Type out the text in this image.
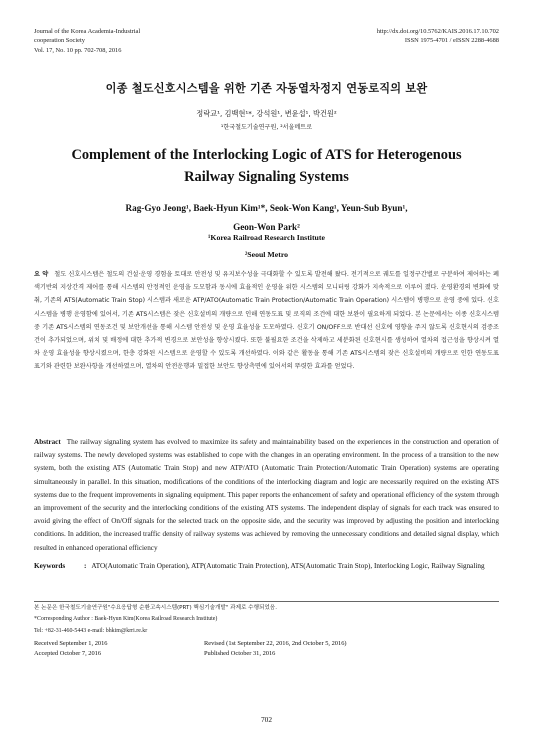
Journal of the Korea Academia-Industrial
cooperation Society
Vol. 17, No. 10 pp. 702-708, 2016
http://dx.doi.org/10.5762/KAIS.2016.17.10.702
ISSN 1975-4701 / eISSN 2288-4688
이종 철도신호시스템을 위한 기존 자동열차정지 연동로직의 보완
정락교¹, 김백현¹*, 강석원¹, 변윤섭¹, 박건원²
¹한국철도기술연구원, ²서울메트로
Complement of the Interlocking Logic of ATS for Heterogenous
Railway Signaling Systems
Rag-Gyo Jeong¹, Baek-Hyun Kim¹*, Seok-Won Kang¹, Yeun-Sub Byun¹,
Geon-Won Park²
¹Korea Railroad Research Institute
²Seoul Metro
요 약 철도 신호시스템은 철도의 건설·운영 경험을 토대로 안전성 및 유지보수성을 극대화할 수 있도록 발전해 왔다. 전기적으로 궤도를 일정구간별로 구분하여 제어하는 폐색기반의 지상간격 제어를 통해 시스템의 안정적인 운영을 도모함과 동시에 효율적인 운영을 위한 시스템의 모니터링 강화가 지속적으로 이루어 졌다. 운영환경의 변화에 맞춰, 기존의 ATS(Automatic Train Stop) 시스템과 새로운 ATP/ATO(Automatic Train Protection/Automatic Train Operation) 시스템이 병행으로 운영 중에 있다. 신호시스템을 병행 운영함에 있어서, 기존 ATS시스템은 잦은 신호설비의 개량으로 인해 연동도표 및 로직의 조건에 대한 보완이 필요하게 되었다. 본 논문에서는 이종 신호시스템 중 기존 ATS시스템의 연동조건 및 보안개선을 통해 시스템 안전성 및 운영 효율성을 도모하였다. 신호기 ON/OFF으로 반대선 신호에 영향을 주지 않도록 신호현시의 검증조건이 추가되었으며, 위치 및 배정에 대한 추가적 변경으로 보안성을 향상시켰다. 또한 불필요한 조건을 삭제하고 세분화된 신호현시를 생성하여 열차의 접근성을 향상시켜 열차 운영 효율성을 향상시켰으며, 한층 강화된 시스템으로 운영할 수 있도록 개선하였다. 이와 같은 활동을 통해 기존 ATS시스템의 잦은 신호설비의 개량으로 인한 연동도표 표기와 관련한 보완사항을 개선하였으며, 열차의 안전운행과 밀접한 보안도 향상측면에 있어서의 뚜렷한 효과를 얻었다.
Abstract The railway signaling system has evolved to maximize its safety and maintainability based on the experiences in the construction and operation of railway systems. The newly developed systems was established to cope with the changes in an operating environment. In the process of a transition to the new system, both the existing ATS (Automatic Train Stop) and new ATP/ATO (Automatic Train Protection/Automatic Train Operation) systems are operating simultaneously in parallel. In this situation, modifications of the conditions of the interlocking diagram and logic are necessarily required on the existing ATS systems due to the frequent improvements in signaling equipment. This paper reports the enhancement of safety and operational efficiency of the system through an improvement of the security and the interlocking conditions of the existing ATS systems. The independent display of signals for each track was ensured to avoid giving the effect of On/Off signals for the selected track on the opposite side, and the security was improved by adjusting the position and interlocking conditions. In addition, the increased traffic density of railway systems was achieved by removing the unnecessary conditions and detailed signal display, which resulted in enhanced operational efficiency
Keywords	: ATO(Automatic Train Operation), ATP(Automatic Train Protection), ATS(Automatic Train Stop), Interlocking Logic, Railway Signaling
본 논문은 한국철도기술연구원"수요응답형 순환고속시스템(PRT) 핵심기술개발" 과제로 수행되었음.
*Corresponding Author : Baek-Hyun Kim(Korea Railroad Research Institute)
Tel: +82-31-460-5443 e-mail: bhkim@krri.re.kr
Received September 1, 2016	Revised (1st September 22, 2016, 2nd October 5, 2016)
Accepted October 7, 2016	Published October 31, 2016
702
